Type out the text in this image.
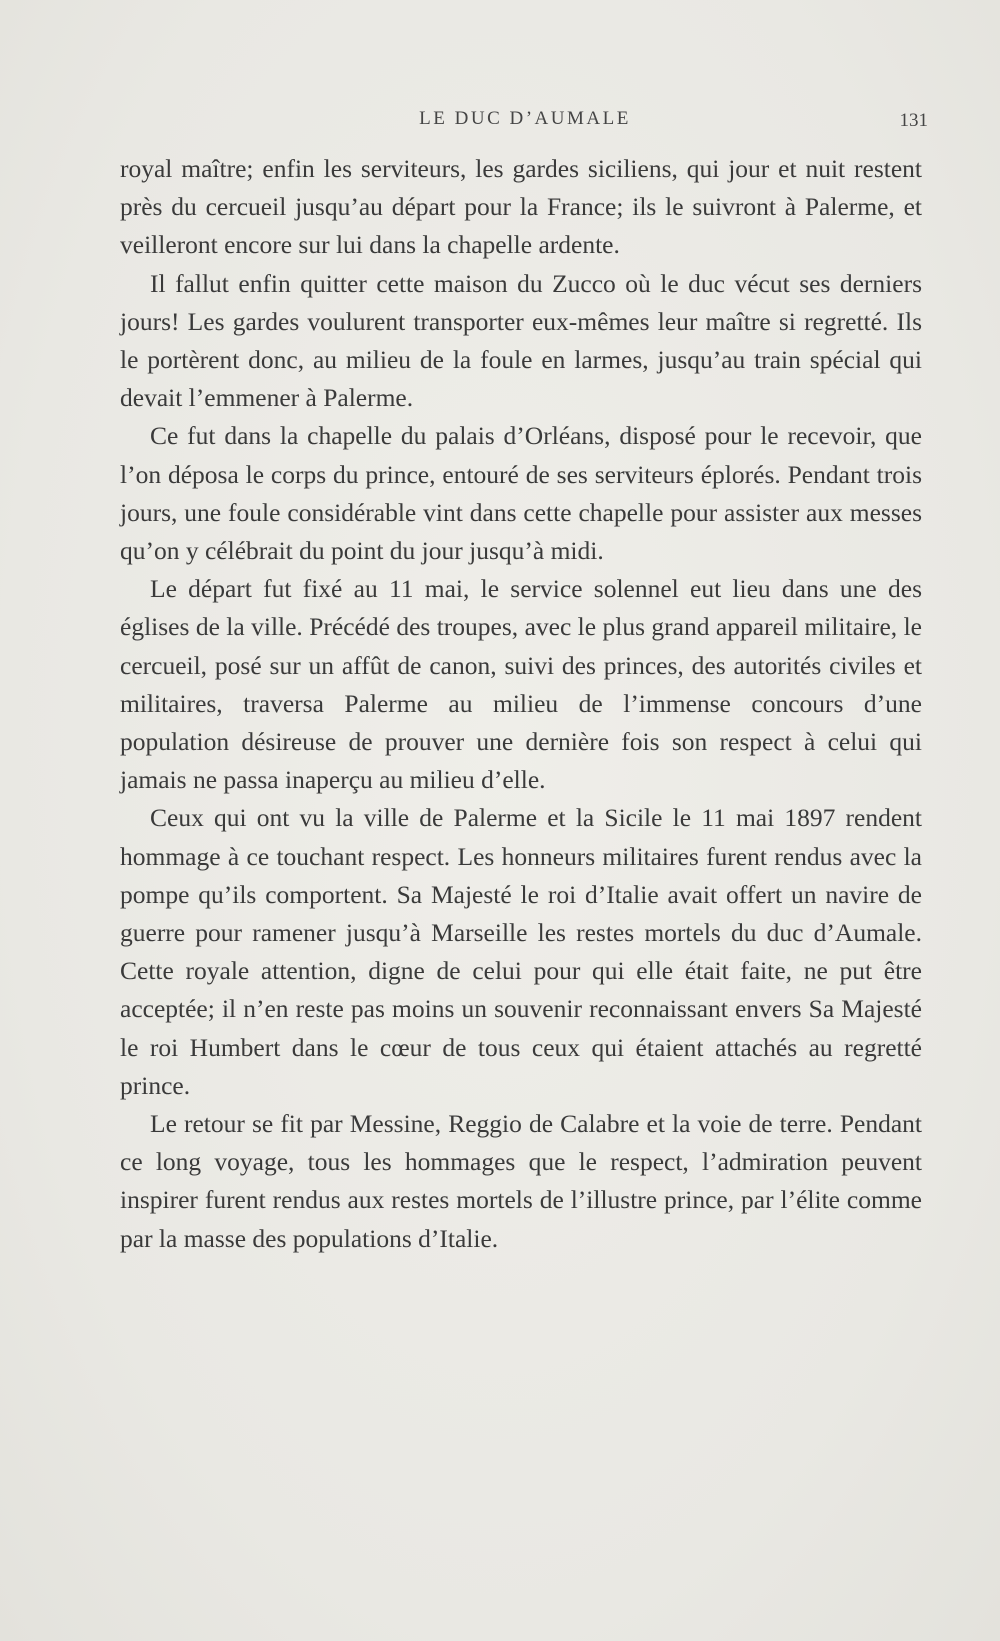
LE DUC D’AUMALE	131

royal maître; enfin les serviteurs, les gardes siciliens, qui jour et nuit restent près du cercueil jusqu’au départ pour la France; ils le suivront à Palerme, et veilleront encore sur lui dans la chapelle ardente.

Il fallut enfin quitter cette maison du Zucco où le duc vécut ses derniers jours! Les gardes voulurent transporter eux-mêmes leur maître si regretté. Ils le portèrent donc, au milieu de la foule en larmes, jusqu’au train spécial qui devait l’emmener à Palerme.

Ce fut dans la chapelle du palais d’Orléans, disposé pour le recevoir, que l’on déposa le corps du prince, entouré de ses serviteurs éplorés. Pendant trois jours, une foule considérable vint dans cette chapelle pour assister aux messes qu’on y célébrait du point du jour jusqu’à midi.

Le départ fut fixé au 11 mai, le service solennel eut lieu dans une des églises de la ville. Précédé des troupes, avec le plus grand appareil militaire, le cercueil, posé sur un affût de canon, suivi des princes, des autorités civiles et militaires, traversa Palerme au milieu de l’immense concours d’une population désireuse de prouver une dernière fois son respect à celui qui jamais ne passa inaperçu au milieu d’elle.

Ceux qui ont vu la ville de Palerme et la Sicile le 11 mai 1897 rendent hommage à ce touchant respect. Les honneurs militaires furent rendus avec la pompe qu’ils comportent. Sa Majesté le roi d’Italie avait offert un navire de guerre pour ramener jusqu’à Marseille les restes mortels du duc d’Aumale. Cette royale attention, digne de celui pour qui elle était faite, ne put être acceptée; il n’en reste pas moins un souvenir reconnaissant envers Sa Majesté le roi Humbert dans le cœur de tous ceux qui étaient attachés au regretté prince.

Le retour se fit par Messine, Reggio de Calabre et la voie de terre. Pendant ce long voyage, tous les hommages que le respect, l’admiration peuvent inspirer furent rendus aux restes mortels de l’illustre prince, par l’élite comme par la masse des populations d’Italie.
